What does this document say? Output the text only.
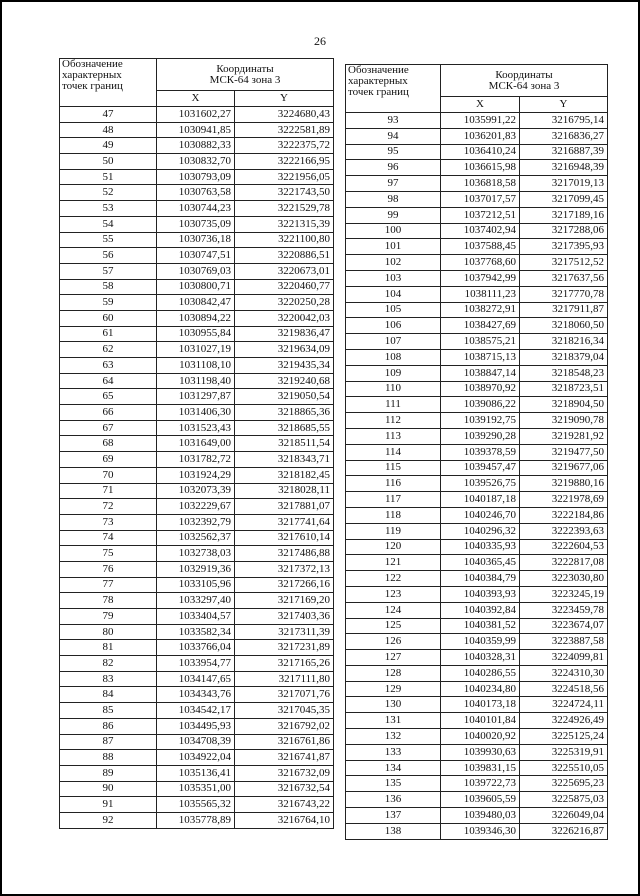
26
Обозначение
характерных
точек границ	Координаты
МСК-64 зона 3	
	X	Y
47	1031602,27	3224680,43
48	1030941,85	3222581,89
49	1030882,33	3222375,72
50	1030832,70	3222166,95
51	1030793,09	3221956,05
52	1030763,58	3221743,50
53	1030744,23	3221529,78
54	1030735,09	3221315,39
55	1030736,18	3221100,80
56	1030747,51	3220886,51
57	1030769,03	3220673,01
58	1030800,71	3220460,77
59	1030842,47	3220250,28
60	1030894,22	3220042,03
61	1030955,84	3219836,47
62	1031027,19	3219634,09
63	1031108,10	3219435,34
64	1031198,40	3219240,68
65	1031297,87	3219050,54
66	1031406,30	3218865,36
67	1031523,43	3218685,55
68	1031649,00	3218511,54
69	1031782,72	3218343,71
70	1031924,29	3218182,45
71	1032073,39	3218028,11
72	1032229,67	3217881,07
73	1032392,79	3217741,64
74	1032562,37	3217610,14
75	1032738,03	3217486,88
76	1032919,36	3217372,13
77	1033105,96	3217266,16
78	1033297,40	3217169,20
79	1033404,57	3217403,36
80	1033582,34	3217311,39
81	1033766,04	3217231,89
82	1033954,77	3217165,26
83	1034147,65	3217111,80
84	1034343,76	3217071,76
85	1034542,17	3217045,35
86	1034495,93	3216792,02
87	1034708,39	3216761,86
88	1034922,04	3216741,87
89	1035136,41	3216732,09
90	1035351,00	3216732,54
91	1035565,32	3216743,22
92	1035778,89	3216764,10
Обозначение
характерных
точек границ	Координаты
МСК-64 зона 3	
	X	Y
93	1035991,22	3216795,14
94	1036201,83	3216836,27
95	1036410,24	3216887,39
96	1036615,98	3216948,39
97	1036818,58	3217019,13
98	1037017,57	3217099,45
99	1037212,51	3217189,16
100	1037402,94	3217288,06
101	1037588,45	3217395,93
102	1037768,60	3217512,52
103	1037942,99	3217637,56
104	1038111,23	3217770,78
105	1038272,91	3217911,87
106	1038427,69	3218060,50
107	1038575,21	3218216,34
108	1038715,13	3218379,04
109	1038847,14	3218548,23
110	1038970,92	3218723,51
111	1039086,22	3218904,50
112	1039192,75	3219090,78
113	1039290,28	3219281,92
114	1039378,59	3219477,50
115	1039457,47	3219677,06
116	1039526,75	3219880,16
117	1040187,18	3221978,69
118	1040246,70	3222184,86
119	1040296,32	3222393,63
120	1040335,93	3222604,53
121	1040365,45	3222817,08
122	1040384,79	3223030,80
123	1040393,93	3223245,19
124	1040392,84	3223459,78
125	1040381,52	3223674,07
126	1040359,99	3223887,58
127	1040328,31	3224099,81
128	1040286,55	3224310,30
129	1040234,80	3224518,56
130	1040173,18	3224724,11
131	1040101,84	3224926,49
132	1040020,92	3225125,24
133	1039930,63	3225319,91
134	1039831,15	3225510,05
135	1039722,73	3225695,23
136	1039605,59	3225875,03
137	1039480,03	3226049,04
138	1039346,30	3226216,87
